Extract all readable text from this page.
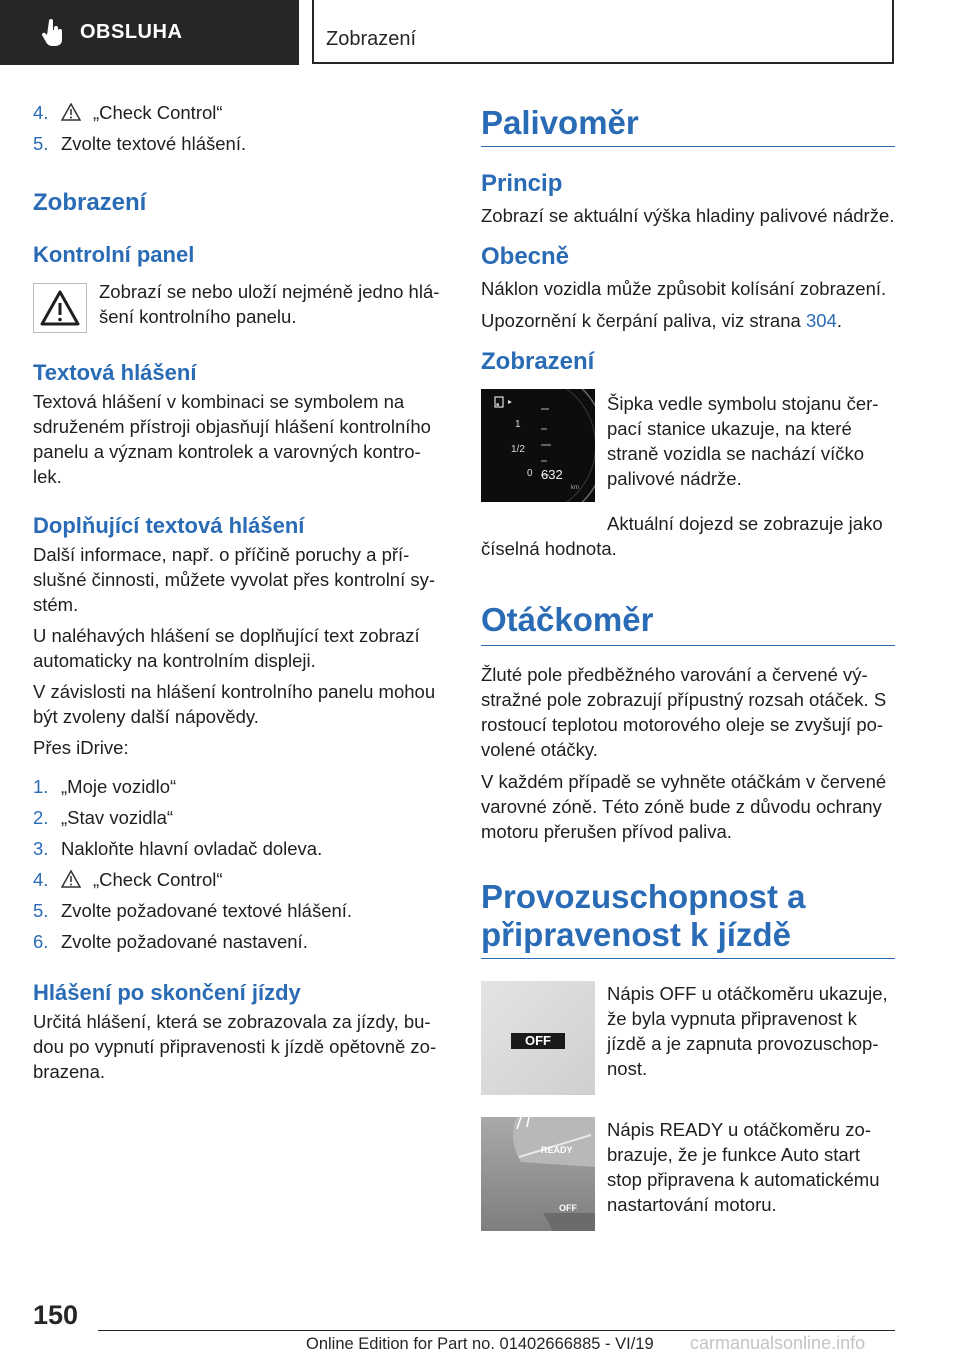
OBSLUHA	Zobrazení
4. „Check Control“
5. Zvolte textové hlášení.
Zobrazení
Kontrolní panel

Zobrazí se nebo uloží nejméně jedno hlá- šení kontrolního panelu.

Textová hlášení

Textová hlášení v kombinaci se symbolem na sdruženém přístroji objasňují hlášení kontrolního panelu a význam kontrolek a varovných kontro- lek.

Doplňující textová hlášení

Další informace, např. o příčině poruchy a pří- slušné činnosti, můžete vyvolat přes kontrolní sy- stém.

U naléhavých hlášení se doplňující text zobrazí automaticky na kontrolním displeji.

V závislosti na hlášení kontrolního panelu mohou být zvoleny další nápovědy.

Přes iDrive:

1. „Moje vozidlo“
2. „Stav vozidla“
3. Nakloňte hlavní ovladač doleva.
4. „Check Control“
5. Zvolte požadované textové hlášení.
6. Zvolte požadované nastavení.
Hlášení po skončení jízdy

Určitá hlášení, která se zobrazovala za jízdy, bu- dou po vypnutí připravenosti k jízdě opětovně zo- brazena.

Palivoměr
Princip

Zobrazí se aktuální výška hladiny palivové nádrže.

Obecně

Náklon vozidla může způsobit kolísání zobrazení.

Upozornění k čerpání paliva, viz strana 304.

Zobrazení
■
1
1/2
0 632
km

Šipka vedle symbolu stojanu čer- pací stanice ukazuje, na které straně vozidla se nachází víčko palivové nádrže.

Aktuální dojezd se zobrazuje jako číselná hodnota.

Otáčkoměr

Žluté pole předběžného varování a červené vý- stražné pole zobrazují přípustný rozsah otáček. S rostoucí teplotou motorového oleje se zvyšují po- volené otáčky.

V každém případě se vyhněte otáčkám v červené varovné zóně. Této zóně bude z důvodu ochrany motoru přerušen přívod paliva.

Provozuschopnost a
připravenost k jízdě
OFF

Nápis OFF u otáčkoměru ukazuje, že byla vypnuta připravenost k jízdě a je zapnuta provozuschop- nost.

READY
OFF

Nápis READY u otáčkoměru zo- brazuje, že je funkce Auto start stop připravena k automatickému nastartování motoru.

150
Online Edition for Part no. 01402666885 - VI/19 carmanualsonline.info
